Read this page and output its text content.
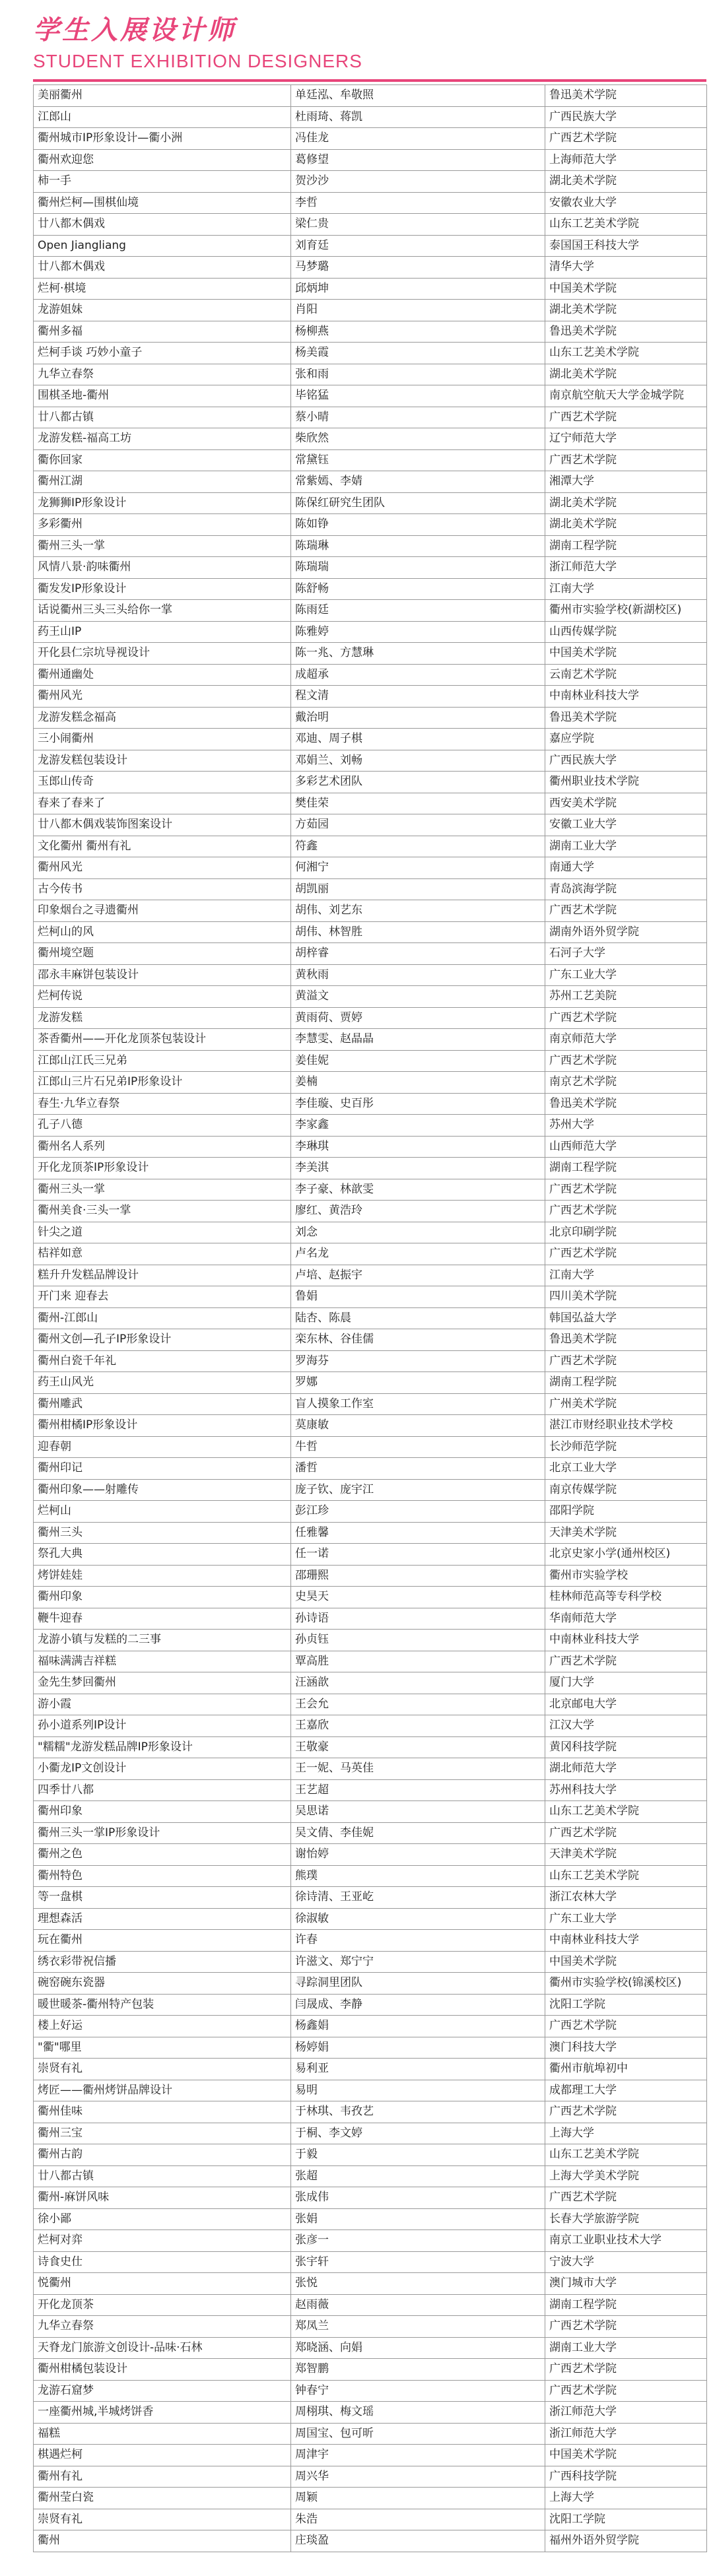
学生入展设计师
STUDENT EXHIBITION DESIGNERS
美丽衢州	单廷泓、牟敬照	鲁迅美术学院
江郎山	杜雨琦、蒋凯	广西民族大学
衢州城市IP形象设计—衢小洲	冯佳龙	广西艺术学院
衢州欢迎您	葛修望	上海师范大学
柿一手	贺沙沙	湖北美术学院
衢州烂柯—围棋仙境	李哲	安徽农业大学
廿八都木偶戏	梁仁贵	山东工艺美术学院
Open Jiangliang	刘育廷	泰国国王科技大学
廿八都木偶戏	马梦璐	清华大学
烂柯·棋境	邱炳坤	中国美术学院
龙游姐妹	肖阳	湖北美术学院
衢州多福	杨柳燕	鲁迅美术学院
烂柯手谈 巧妙小童子	杨美霞	山东工艺美术学院
九华立春祭	张和雨	湖北美术学院
围棋圣地-衢州	毕铭猛	南京航空航天大学金城学院
廿八都古镇	蔡小晴	广西艺术学院
龙游发糕-福高工坊	柴欣然	辽宁师范大学
衢你回家	常黛钰	广西艺术学院
衢州江湖	常紫嫣、李婧	湘潭大学
龙狮狮IP形象设计	陈保红研究生团队	湖北美术学院
多彩衢州	陈如铮	湖北美术学院
衢州三头一掌	陈瑞琳	湖南工程学院
风情八景·韵味衢州	陈瑞瑞	浙江师范大学
衢发发IP形象设计	陈舒畅	江南大学
话说衢州三头三头给你一掌	陈雨廷	衢州市实验学校(新湖校区)
药王山IP	陈雅婷	山西传媒学院
开化县仁宗坑导视设计	陈一兆、方慧琳	中国美术学院
衢州通幽处	成超承	云南艺术学院
衢州风光	程文清	中南林业科技大学
龙游发糕念福高	戴治明	鲁迅美术学院
三小闹衢州	邓迪、周子棋	嘉应学院
龙游发糕包装设计	邓娟兰、刘畅	广西民族大学
玉郎山传奇	多彩艺术团队	衢州职业技术学院
春来了春来了	樊佳荣	西安美术学院
廿八都木偶戏装饰图案设计	方茹园	安徽工业大学
文化衢州 衢州有礼	符鑫	湖南工业大学
衢州风光	何湘宁	南通大学
古今传书	胡凯丽	青岛滨海学院
印象烟台之寻遗衢州	胡伟、刘艺东	广西艺术学院
烂柯山的风	胡伟、林智胜	湖南外语外贸学院
衢州境空题	胡梓睿	石河子大学
邵永丰麻饼包装设计	黄秋雨	广东工业大学
烂柯传说	黄溢文	苏州工艺美院
龙游发糕	黄雨荷、贾婷	广西艺术学院
茶香衢州——开化龙顶茶包装设计	李慧雯、赵晶晶	南京师范大学
江郎山江氏三兄弟	姜佳妮	广西艺术学院
江郎山三片石兄弟IP形象设计	姜楠	南京艺术学院
春生·九华立春祭	李佳璇、史百彤	鲁迅美术学院
孔子八德	李家鑫	苏州大学
衢州名人系列	李琳琪	山西师范大学
开化龙顶茶IP形象设计	李美淇	湖南工程学院
衢州三头一掌	李子豪、林歆雯	广西艺术学院
衢州美食·三头一掌	廖红、黄浩玲	广西艺术学院
针尖之道	刘念	北京印刷学院
桔祥如意	卢名龙	广西艺术学院
糕升升发糕品牌设计	卢培、赵振宇	江南大学
开门来 迎春去	鲁娟	四川美术学院
衢州-江郎山	陆杏、陈晨	韩国弘益大学
衢州文创—孔子IP形象设计	栾东林、谷佳儒	鲁迅美术学院
衢州白瓷千年礼	罗海芬	广西艺术学院
药王山风光	罗娜	湖南工程学院
衢州雕武	盲人摸象工作室	广州美术学院
衢州柑橘IP形象设计	莫康敏	湛江市财经职业技术学校
迎春朝	牛哲	长沙师范学院
衢州印记	潘哲	北京工业大学
衢州印象——射雕传	庞子钦、庞宇江	南京传媒学院
烂柯山	彭江珍	邵阳学院
衢州三头	任雅馨	天津美术学院
祭孔大典	任一诺	北京史家小学(通州校区)
烤饼娃娃	邵珊熙	衢州市实验学校
衢州印象	史昊天	桂林师范高等专科学校
鞭牛迎春	孙诗语	华南师范大学
龙游小镇与发糕的二三事	孙贞钰	中南林业科技大学
福味满满吉祥糕	覃高胜	广西艺术学院
金先生梦回衢州	汪涵歆	厦门大学
游小霞	王会允	北京邮电大学
孙小道系列IP设计	王嘉欣	江汉大学
"糯糯"龙游发糕品牌IP形象设计	王敬豪	黄冈科技学院
小衢龙IP文创设计	王一妮、马英佳	湖北师范大学
四季廿八都	王艺超	苏州科技大学
衢州印象	吴思诺	山东工艺美术学院
衢州三头一掌IP形象设计	吴文倩、李佳妮	广西艺术学院
衢州之色	谢怡婷	天津美术学院
衢州特色	熊璞	山东工艺美术学院
等一盘棋	徐诗清、王亚屹	浙江农林大学
理想森活	徐淑敏	广东工业大学
玩在衢州	许春	中南林业科技大学
绣衣彩带祝信播	许滋文、郑宁宁	中国美术学院
碗窑碗东瓷器	寻踪洞里团队	衢州市实验学校(锦溪校区)
暖世暖茶-衢州特产包装	闫晟成、李静	沈阳工学院
楼上好运	杨鑫娟	广西艺术学院
"衢"哪里	杨婷娟	澳门科技大学
崇贤有礼	易利亚	衢州市航埠初中
烤匠——衢州烤饼品牌设计	易明	成都理工大学
衢州佳味	于林琪、韦孜艺	广西艺术学院
衢州三宝	于桐、李文婷	上海大学
衢州古韵	于毅	山东工艺美术学院
廿八都古镇	张超	上海大学美术学院
衢州-麻饼风味	张成伟	广西艺术学院
徐小鄙	张娟	长春大学旅游学院
烂柯对弈	张彦一	南京工业职业技术大学
诗食史仕	张宇轩	宁波大学
悦衢州	张悦	澳门城市大学
开化龙顶茶	赵雨薇	湖南工程学院
九华立春祭	郑凤兰	广西艺术学院
天脊龙门旅游文创设计-品味·石林	郑晓涵、向娟	湖南工业大学
衢州柑橘包装设计	郑智鹏	广西艺术学院
龙游石窟梦	钟春宁	广西艺术学院
一座衢州城,半城烤饼香	周栩琪、梅文瑶	浙江师范大学
福糕	周国宝、包可昕	浙江师范大学
棋遇烂柯	周津宇	中国美术学院
衢州有礼	周兴华	广西科技学院
衢州莹白瓷	周颖	上海大学
崇贤有礼	朱浩	沈阳工学院
衢州	庄琰盈	福州外语外贸学院
